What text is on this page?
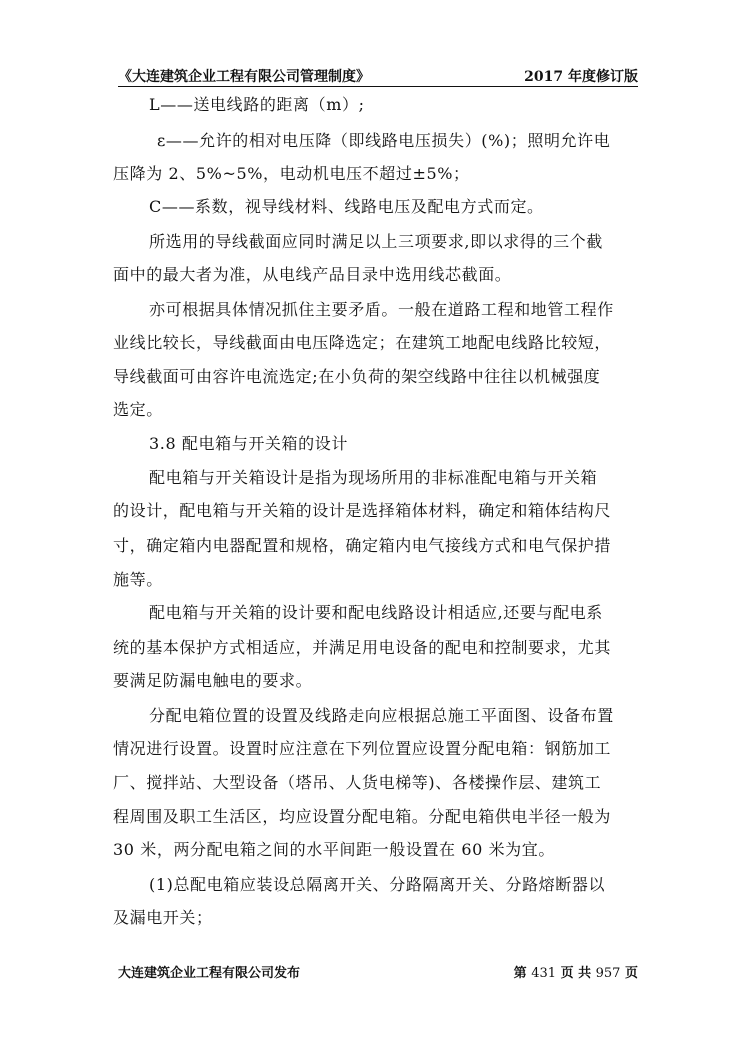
《大连建筑企业工程有限公司管理制度》	2017 年度修订版
L——送电线路的距离（m）;
ε——允许的相对电压降（即线路电压损失）(%)；照明允许电
压降为 2、5%~5%，电动机电压不超过±5%；
C——系数，视导线材料、线路电压及配电方式而定。
所选用的导线截面应同时满足以上三项要求,即以求得的三个截
面中的最大者为准，从电线产品目录中选用线芯截面。
亦可根据具体情况抓住主要矛盾。一般在道路工程和地管工程作
业线比较长，导线截面由电压降选定；在建筑工地配电线路比较短，
导线截面可由容许电流选定;在小负荷的架空线路中往往以机械强度
选定。
3.8 配电箱与开关箱的设计
配电箱与开关箱设计是指为现场所用的非标准配电箱与开关箱
的设计，配电箱与开关箱的设计是选择箱体材料，确定和箱体结构尺
寸，确定箱内电器配置和规格，确定箱内电气接线方式和电气保护措
施等。
配电箱与开关箱的设计要和配电线路设计相适应,还要与配电系
统的基本保护方式相适应，并满足用电设备的配电和控制要求，尤其
要满足防漏电触电的要求。
分配电箱位置的设置及线路走向应根据总施工平面图、设备布置
情况进行设置。设置时应注意在下列位置应设置分配电箱：钢筋加工
厂、搅拌站、大型设备（塔吊、人货电梯等)、各楼操作层、建筑工
程周围及职工生活区，均应设置分配电箱。分配电箱供电半径一般为
30 米，两分配电箱之间的水平间距一般设置在 60 米为宜。
(1)总配电箱应装设总隔离开关、分路隔离开关、分路熔断器以
及漏电开关；
大连建筑企业工程有限公司发布	第 431 页 共 957 页
